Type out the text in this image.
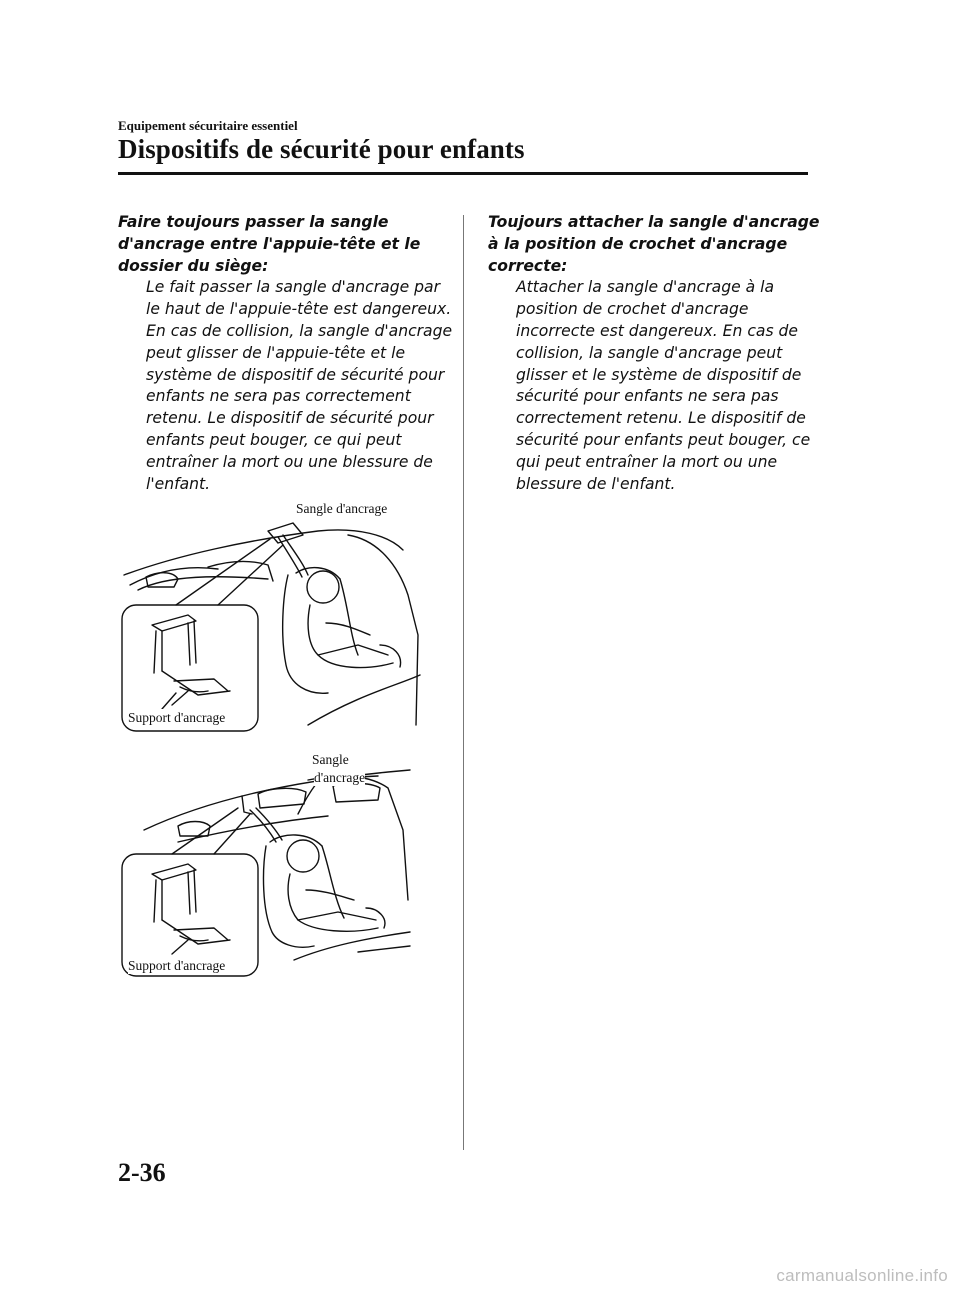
Equipement sécuritaire essentiel
Dispositifs de sécurité pour enfants
Faire toujours passer la sangle d'ancrage entre l'appuie-tête et le dossier du siège:
Le fait passer la sangle d'ancrage par le haut de l'appuie-tête est dangereux. En cas de collision, la sangle d'ancrage peut glisser de l'appuie-tête et le système de dispositif de sécurité pour enfants ne sera pas correctement retenu. Le dispositif de sécurité pour enfants peut bouger, ce qui peut entraîner la mort ou une blessure de l'enfant.
Toujours attacher la sangle d'ancrage à la position de crochet d'ancrage correcte:
Attacher la sangle d'ancrage à la position de crochet d'ancrage incorrecte est dangereux. En cas de collision, la sangle d'ancrage peut glisser et le système de dispositif de sécurité pour enfants ne sera pas correctement retenu. Le dispositif de sécurité pour enfants peut bouger, ce qui peut entraîner la mort ou une blessure de l'enfant.
Sangle d'ancrage
Support d'ancrage
Sangle
d'ancrage
Support d'ancrage
2-36
carmanualsonline.info
